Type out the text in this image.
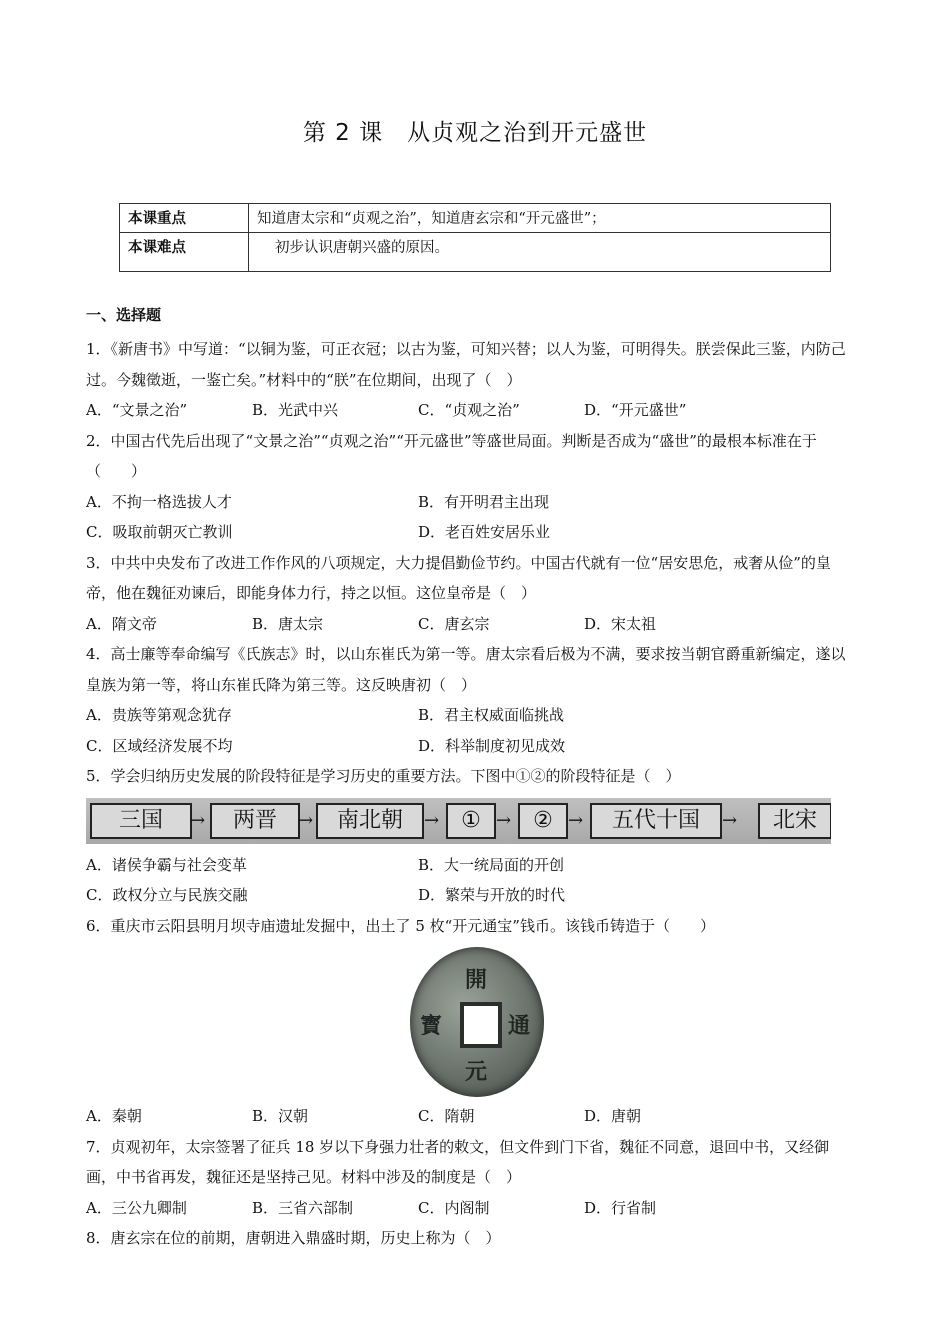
第 2 课　从贞观之治到开元盛世
本课重点	知道唐太宗和“贞观之治”，知道唐玄宗和“开元盛世”；
本课难点	初步认识唐朝兴盛的原因。
一、选择题
1．《新唐书》中写道：“以铜为鉴，可正衣冠；以古为鉴，可知兴替；以人为鉴，可明得失。朕尝保此三鉴，内防己过。今魏徵逝，一鉴亡矣。”材料中的“朕”在位期间，出现了（　）
A．“文景之治”	B．光武中兴	C．“贞观之治”	D．“开元盛世”
2．中国古代先后出现了“文景之治”“贞观之治”“开元盛世”等盛世局面。判断是否成为“盛世”的最根本标准在于（　　）
A．不拘一格选拔人才	B．有开明君主出现
C．吸取前朝灭亡教训	D．老百姓安居乐业
3．中共中央发布了改进工作作风的八项规定，大力提倡勤俭节约。中国古代就有一位“居安思危，戒奢从俭”的皇帝，他在魏征劝谏后，即能身体力行，持之以恒。这位皇帝是（　）
A．隋文帝	B．唐太宗	C．唐玄宗	D．宋太祖
4．高士廉等奉命编写《氏族志》时，以山东崔氏为第一等。唐太宗看后极为不满，要求按当朝官爵重新编定，遂以皇族为第一等，将山东崔氏降为第三等。这反映唐初（　）
A．贵族等第观念犹存	B．君主权威面临挑战
C．区域经济发展不均	D．科举制度初见成效
5．学会归纳历史发展的阶段特征是学习历史的重要方法。下图中①②的阶段特征是（　）
三国	→	两晋	→	南北朝	→	① →	② →	五代十国	→	北宋
A．诸侯争霸与社会变革	B．大一统局面的开创
C．政权分立与民族交融	D．繁荣与开放的时代
6．重庆市云阳县明月坝寺庙遗址发掘中，出土了 5 枚“开元通宝”钱币。该钱币铸造于（　　）
開
通
寳
元
A．秦朝	B．汉朝	C．隋朝	D．唐朝
7．贞观初年，太宗签署了征兵 18 岁以下身强力壮者的敕文，但文件到门下省，魏征不同意，退回中书，又经御画，中书省再发，魏征还是坚持己见。材料中涉及的制度是（　）
A．三公九卿制	B．三省六部制	C．内阁制	D．行省制
8．唐玄宗在位的前期，唐朝进入鼎盛时期，历史上称为（　）
